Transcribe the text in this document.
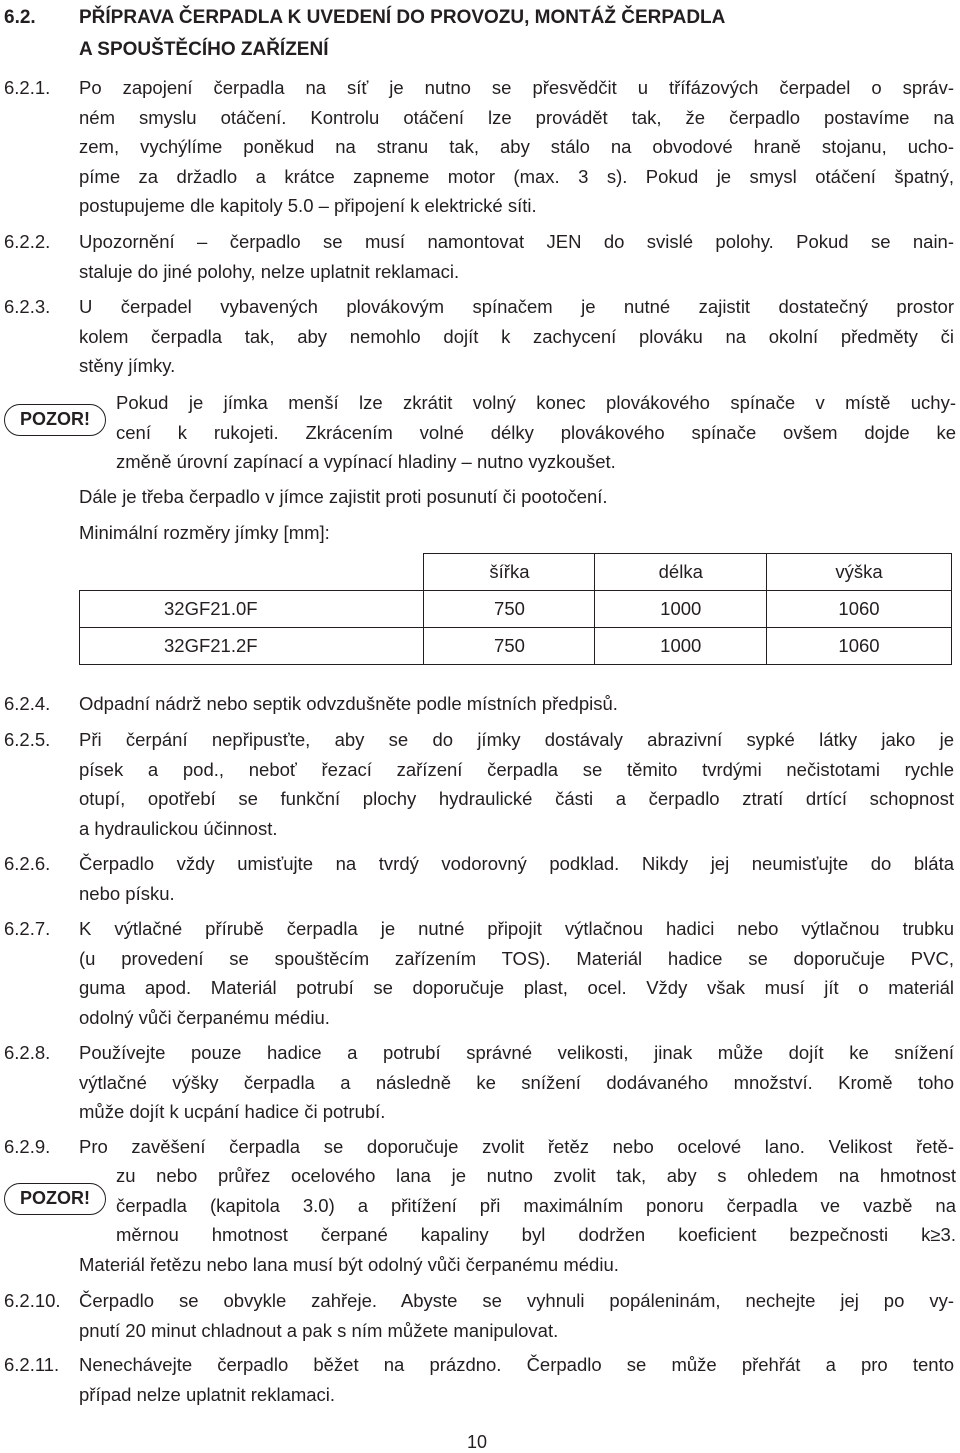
6.2. PŘÍPRAVA ČERPADLA K UVEDENÍ DO PROVOZU, MONTÁŽ ČERPADLA
A SPOUŠTĚCÍHO ZAŘÍZENÍ
6.2.1. Po zapojení čerpadla na síť je nutno se přesvědčit u třífázových čerpadel o správ-
ném smyslu otáčení. Kontrolu otáčení lze provádět tak, že čerpadlo postavíme na
zem, vychýlíme poněkud na stranu tak, aby stálo na obvodové hraně stojanu, ucho-
píme za držadlo a krátce zapneme motor (max. 3 s). Pokud je smysl otáčení špatný,
postupujeme dle kapitoly 5.0 – připojení k elektrické síti.
6.2.2. Upozornění – čerpadlo se musí namontovat JEN do svislé polohy. Pokud se nain-
staluje do jiné polohy, nelze uplatnit reklamaci.
6.2.3. U čerpadel vybavených plovákovým spínačem je nutné zajistit dostatečný prostor
kolem čerpadla tak, aby nemohlo dojít k zachycení plováku na okolní předměty či
stěny jímky.
POZOR!
Pokud je jímka menší lze zkrátit volný konec plovákového spínače v místě uchy-
cení k rukojeti. Zkrácením volné délky plovákového spínače ovšem dojde ke
změně úrovní zapínací a vypínací hladiny – nutno vyzkoušet.
Dále je třeba čerpadlo v jímce zajistit proti posunutí či pootočení.
Minimální rozměry jímky [mm]:
	šířka	délka	výška
32GF21.0F	750	1000	1060
32GF21.2F	750	1000	1060
6.2.4. Odpadní nádrž nebo septik odvzdušněte podle místních předpisů.
6.2.5. Při čerpání nepřipusťte, aby se do jímky dostávaly abrazivní sypké látky jako je
písek a pod., neboť řezací zařízení čerpadla se těmito tvrdými nečistotami rychle
otupí, opotřebí se funkční plochy hydraulické části a čerpadlo ztratí drtící schopnost
a hydraulickou účinnost.
6.2.6. Čerpadlo vždy umisťujte na tvrdý vodorovný podklad. Nikdy jej neumisťujte do bláta
nebo písku.
6.2.7. K výtlačné přírubě čerpadla je nutné připojit výtlačnou hadici nebo výtlačnou trubku
(u provedení se spouštěcím zařízením TOS). Materiál hadice se doporučuje PVC,
guma apod. Materiál potrubí se doporučuje plast, ocel. Vždy však musí jít o materiál
odolný vůči čerpanému médiu.
6.2.8. Používejte pouze hadice a potrubí správné velikosti, jinak může dojít ke snížení
výtlačné výšky čerpadla a následně ke snížení dodávaného množství. Kromě toho
může dojít k ucpání hadice či potrubí.
6.2.9. Pro zavěšení čerpadla se doporučuje zvolit řetěz nebo ocelové lano. Velikost řetě-
POZOR!
zu nebo průřez ocelového lana je nutno zvolit tak, aby s ohledem na hmotnost
čerpadla (kapitola 3.0) a přitížení při maximálním ponoru čerpadla ve vazbě na
měrnou hmotnost čerpané kapaliny byl dodržen koeficient bezpečnosti k≥3.
Materiál řetězu nebo lana musí být odolný vůči čerpanému médiu.
6.2.10. Čerpadlo se obvykle zahřeje. Abyste se vyhnuli popáleninám, nechejte jej po vy-
pnutí 20 minut chladnout a pak s ním můžete manipulovat.
6.2.11. Nenechávejte čerpadlo běžet na prázdno. Čerpadlo se může přehřát a pro tento
případ nelze uplatnit reklamaci.
10
